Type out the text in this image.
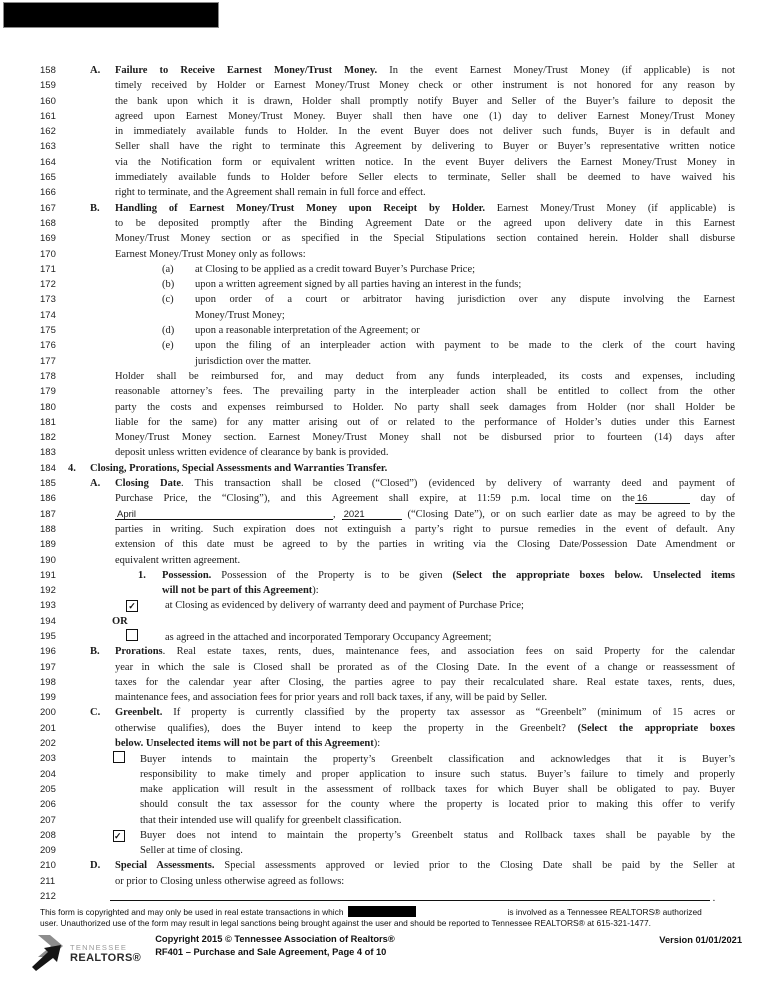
158	A. Failure to Receive Earnest Money/Trust Money. In the event Earnest Money/Trust Money (if applicable) is not
159	timely received by Holder or Earnest Money/Trust Money check or other instrument is not honored for any reason by
160	the bank upon which it is drawn, Holder shall promptly notify Buyer and Seller of the Buyer’s failure to deposit the
161	agreed upon Earnest Money/Trust Money. Buyer shall then have one (1) day to deliver Earnest Money/Trust Money
162	in immediately available funds to Holder. In the event Buyer does not deliver such funds, Buyer is in default and
163	Seller shall have the right to terminate this Agreement by delivering to Buyer or Buyer’s representative written notice
164	via the Notification form or equivalent written notice. In the event Buyer delivers the Earnest Money/Trust Money in
165	immediately available funds to Holder before Seller elects to terminate, Seller shall be deemed to have waived his
166	right to terminate, and the Agreement shall remain in full force and effect.
167	B. Handling of Earnest Money/Trust Money upon Receipt by Holder. Earnest Money/Trust Money (if applicable) is
168	to be deposited promptly after the Binding Agreement Date or the agreed upon delivery date in this Earnest
169	Money/Trust Money section or as specified in the Special Stipulations section contained herein. Holder shall disburse
170	Earnest Money/Trust Money only as follows:
171	(a) at Closing to be applied as a credit toward Buyer’s Purchase Price;
172	(b) upon a written agreement signed by all parties having an interest in the funds;
173	(c) upon order of a court or arbitrator having jurisdiction over any dispute involving the Earnest
174	Money/Trust Money;
175	(d) upon a reasonable interpretation of the Agreement; or
176	(e) upon the filing of an interpleader action with payment to be made to the clerk of the court having
177	jurisdiction over the matter.
178	Holder shall be reimbursed for, and may deduct from any funds interpleaded, its costs and expenses, including
179	reasonable attorney’s fees. The prevailing party in the interpleader action shall be entitled to collect from the other
180	party the costs and expenses reimbursed to Holder. No party shall seek damages from Holder (nor shall Holder be
181	liable for the same) for any matter arising out of or related to the performance of Holder’s duties under this Earnest
182	Money/Trust Money section. Earnest Money/Trust Money shall not be disbursed prior to fourteen (14) days after
183	deposit unless written evidence of clearance by bank is provided.
184	4. Closing, Prorations, Special Assessments and Warranties Transfer.
185	A. Closing Date. This transaction shall be closed (“Closed”) (evidenced by delivery of warranty deed and payment of
186	Purchase Price, the “Closing”), and this Agreement shall expire, at 11:59 p.m. local time on the 16	day of
187	April	, 2021	(“Closing Date”), or on such earlier date as may be agreed to by the
188	parties in writing. Such expiration does not extinguish a party’s right to pursue remedies in the event of default. Any
189	extension of this date must be agreed to by the parties in writing via the Closing Date/Possession Date Amendment or
190	equivalent written agreement.
191	1. Possession. Possession of the Property is to be given (Select the appropriate boxes below. Unselected items
192	will not be part of this Agreement):
193	✓	at Closing as evidenced by delivery of warranty deed and payment of Purchase Price;
194	OR
195	as agreed in the attached and incorporated Temporary Occupancy Agreement;
196	B. Prorations. Real estate taxes, rents, dues, maintenance fees, and association fees on said Property for the calendar
197	year in which the sale is Closed shall be prorated as of the Closing Date. In the event of a change or reassessment of
198	taxes for the calendar year after Closing, the parties agree to pay their recalculated share. Real estate taxes, rents, dues,
199	maintenance fees, and association fees for prior years and roll back taxes, if any, will be paid by Seller.
200	C. Greenbelt. If property is currently classified by the property tax assessor as “Greenbelt” (minimum of 15 acres or
201	otherwise qualifies), does the Buyer intend to keep the property in the Greenbelt? (Select the appropriate boxes
202	below. Unselected items will not be part of this Agreement):
203	Buyer intends to maintain the property’s Greenbelt classification and acknowledges that it is Buyer’s
204	responsibility to make timely and proper application to insure such status. Buyer’s failure to timely and properly
205	make application will result in the assessment of rollback taxes for which Buyer shall be obligated to pay. Buyer
206	should consult the tax assessor for the county where the property is located prior to making this offer to verify
207	that their intended use will qualify for greenbelt classification.
208	✓ Buyer does not intend to maintain the property’s Greenbelt status and Rollback taxes shall be payable by the
209	Seller at time of closing.
210	D. Special Assessments. Special assessments approved or levied prior to the Closing Date shall be paid by the Seller at
211	or prior to Closing unless otherwise agreed as follows:
212	.
This form is copyrighted and may only be used in real estate transactions in which	is involved as a Tennessee REALTORS® authorized
user. Unauthorized use of the form may result in legal sanctions being brought against the user and should be reported to Tennessee REALTORS® at 615-321-1477.
TENNESSEE
REALTORS®
Copyright 2015 © Tennessee Association of Realtors®
RF401 – Purchase and Sale Agreement, Page 4 of 10
Version 01/01/2021
